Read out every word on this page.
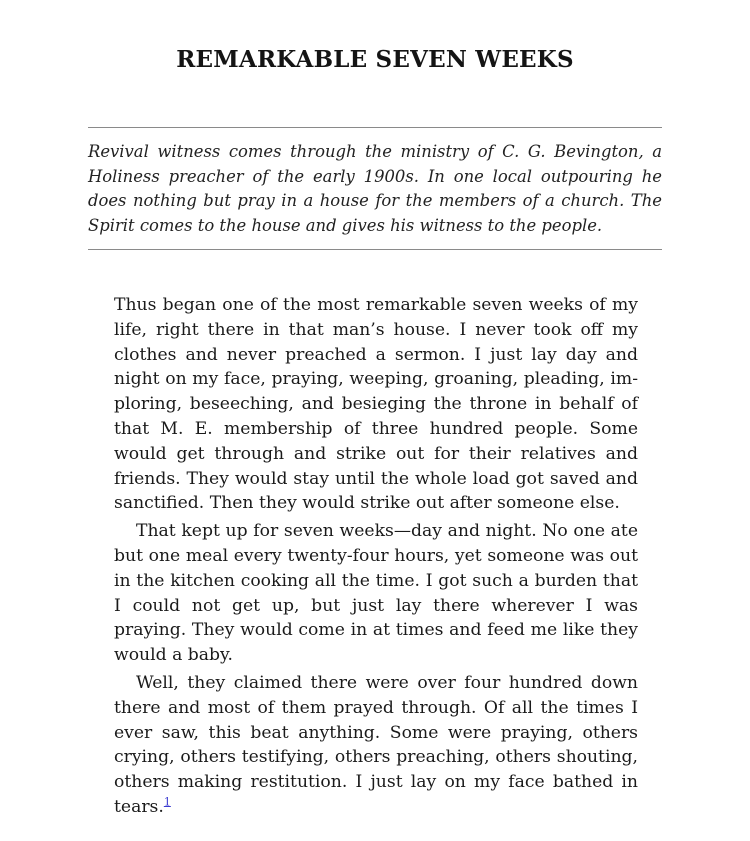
REMARKABLE SEVEN WEEKS

Revival witness comes through the ministry of C. G. Bevington, a Holiness preacher of the early 1900s. In one local outpouring he does nothing but pray in a house for the members of a church. The Spirit comes to the house and gives his witness to the people.

Thus began one of the most remarkable seven weeks of my life, right there in that man’s house. I never took off my clothes and never preached a sermon. I just lay day and night on my face, praying, weeping, groaning, pleading, imploring, beseeching, and besieging the throne in behalf of that M. E. membership of three hundred people. Some would get through and strike out for their relatives and friends. They would stay until the whole load got saved and sanctified. Then they would strike out after someone else.

That kept up for seven weeks—day and night. No one ate but one meal every twenty-four hours, yet someone was out in the kitchen cooking all the time. I got such a burden that I could not get up, but just lay there wherever I was praying. They would come in at times and feed me like they would a baby.

Well, they claimed there were over four hundred down there and most of them prayed through. Of all the times I ever saw, this beat anything. Some were praying, others crying, others testifying, others preaching, others shouting, others making restitution. I just lay on my face bathed in tears.$^1$
